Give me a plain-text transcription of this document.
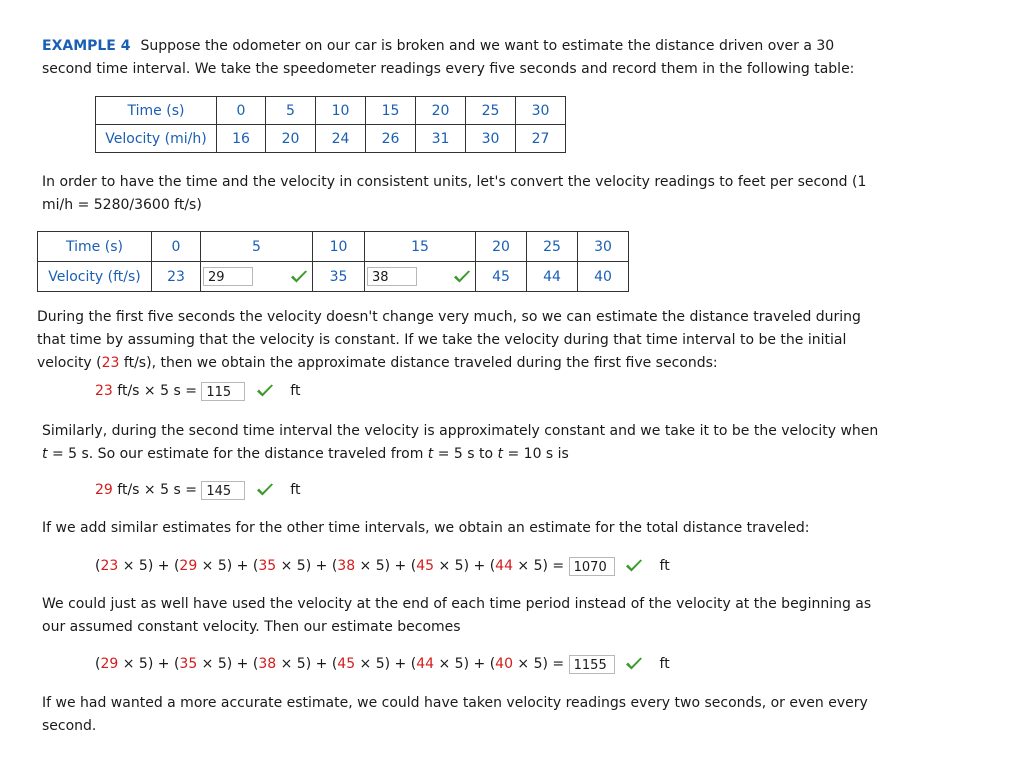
EXAMPLE 4 Suppose the odometer on our car is broken and we want to estimate the distance driven over a 30
second time interval. We take the speedometer readings every five seconds and record them in the following table:
Time (s)	0	5	10	15	20	25	30
Velocity (mi/h)	16	20	24	26	31	30	27
In order to have the time and the velocity in consistent units, let's convert the velocity readings to feet per second (1
mi/h = 5280/3600 ft/s)
Time (s)	0	5	10	15	20	25	30
Velocity (ft/s)	23	29	35	38	45	44	40
During the first five seconds the velocity doesn't change very much, so we can estimate the distance traveled during
that time by assuming that the velocity is constant. If we take the velocity during that time interval to be the initial
velocity (23 ft/s), then we obtain the approximate distance traveled during the first five seconds:
23 ft/s × 5 s = 115	ft
Similarly, during the second time interval the velocity is approximately constant and we take it to be the velocity when
t = 5 s. So our estimate for the distance traveled from t = 5 s to t = 10 s is
29 ft/s × 5 s = 145	ft
If we add similar estimates for the other time intervals, we obtain an estimate for the total distance traveled:
(23 × 5) + (29 × 5) + (35 × 5) + (38 × 5) + (45 × 5) + (44 × 5) = 1070	ft
We could just as well have used the velocity at the end of each time period instead of the velocity at the beginning as
our assumed constant velocity. Then our estimate becomes
(29 × 5) + (35 × 5) + (38 × 5) + (45 × 5) + (44 × 5) + (40 × 5) = 1155	ft
If we had wanted a more accurate estimate, we could have taken velocity readings every two seconds, or even every
second.
